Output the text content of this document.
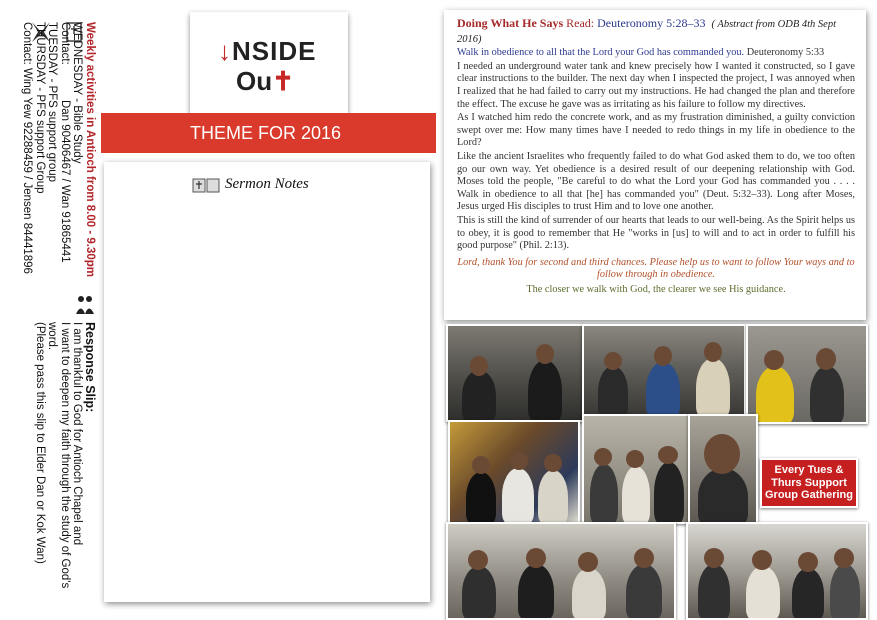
Weekly activities in Antioch from 8.00 - 9.30pm

WEDNESDAY - Bible Study

Contact:           Dan 90406467 / Wan 91865441

TUESDAY - PFS support group

THURSDAY - PFS support Group

Contact: Wing Yew 92288459 / Jensen 84441896

Response Slip:

I am thankful to God for Antioch Chapel and

I want to deepen my faith through the study of God's

word.

(Please pass this slip to Elder Dan or Kok Wan)

↓NSIDE
Ou✝
THEME FOR 2016
Sermon Notes

Doing What He Says Read: Deuteronomy 5:28–33 ( Abstract from ODB 4th Sept 2016)

Walk in obedience to all that the Lord your God has commanded you. Deuteronomy 5:33

I needed an underground water tank and knew precisely how I wanted it constructed, so I gave clear instructions to the builder. The next day when I inspected the project, I was annoyed when I realized that he had failed to carry out my instructions. He had changed the plan and therefore the effect. The excuse he gave was as irritating as his failure to follow my directives.

As I watched him redo the concrete work, and as my frustration diminished, a guilty conviction swept over me: How many times have I needed to redo things in my life in obedience to the Lord?

Like the ancient Israelites who frequently failed to do what God asked them to do, we too often go our own way. Yet obedience is a desired result of our deepening relationship with God. Moses told the people, "Be careful to do what the Lord your God has commanded you . . . . Walk in obedience to all that [he] has commanded you" (Deut. 5:32–33). Long after Moses, Jesus urged His disciples to trust Him and to love one another.

This is still the kind of surrender of our hearts that leads to our well-being. As the Spirit helps us to obey, it is good to remember that He "works in [us] to will and to act in order to fulfill his good purpose" (Phil. 2:13).

Lord, thank You for second and third chances. Please help us to want to follow Your ways and to follow through in obedience.

The closer we walk with God, the clearer we see His guidance.

Every Tues &
Thurs Support
Group Gathering
